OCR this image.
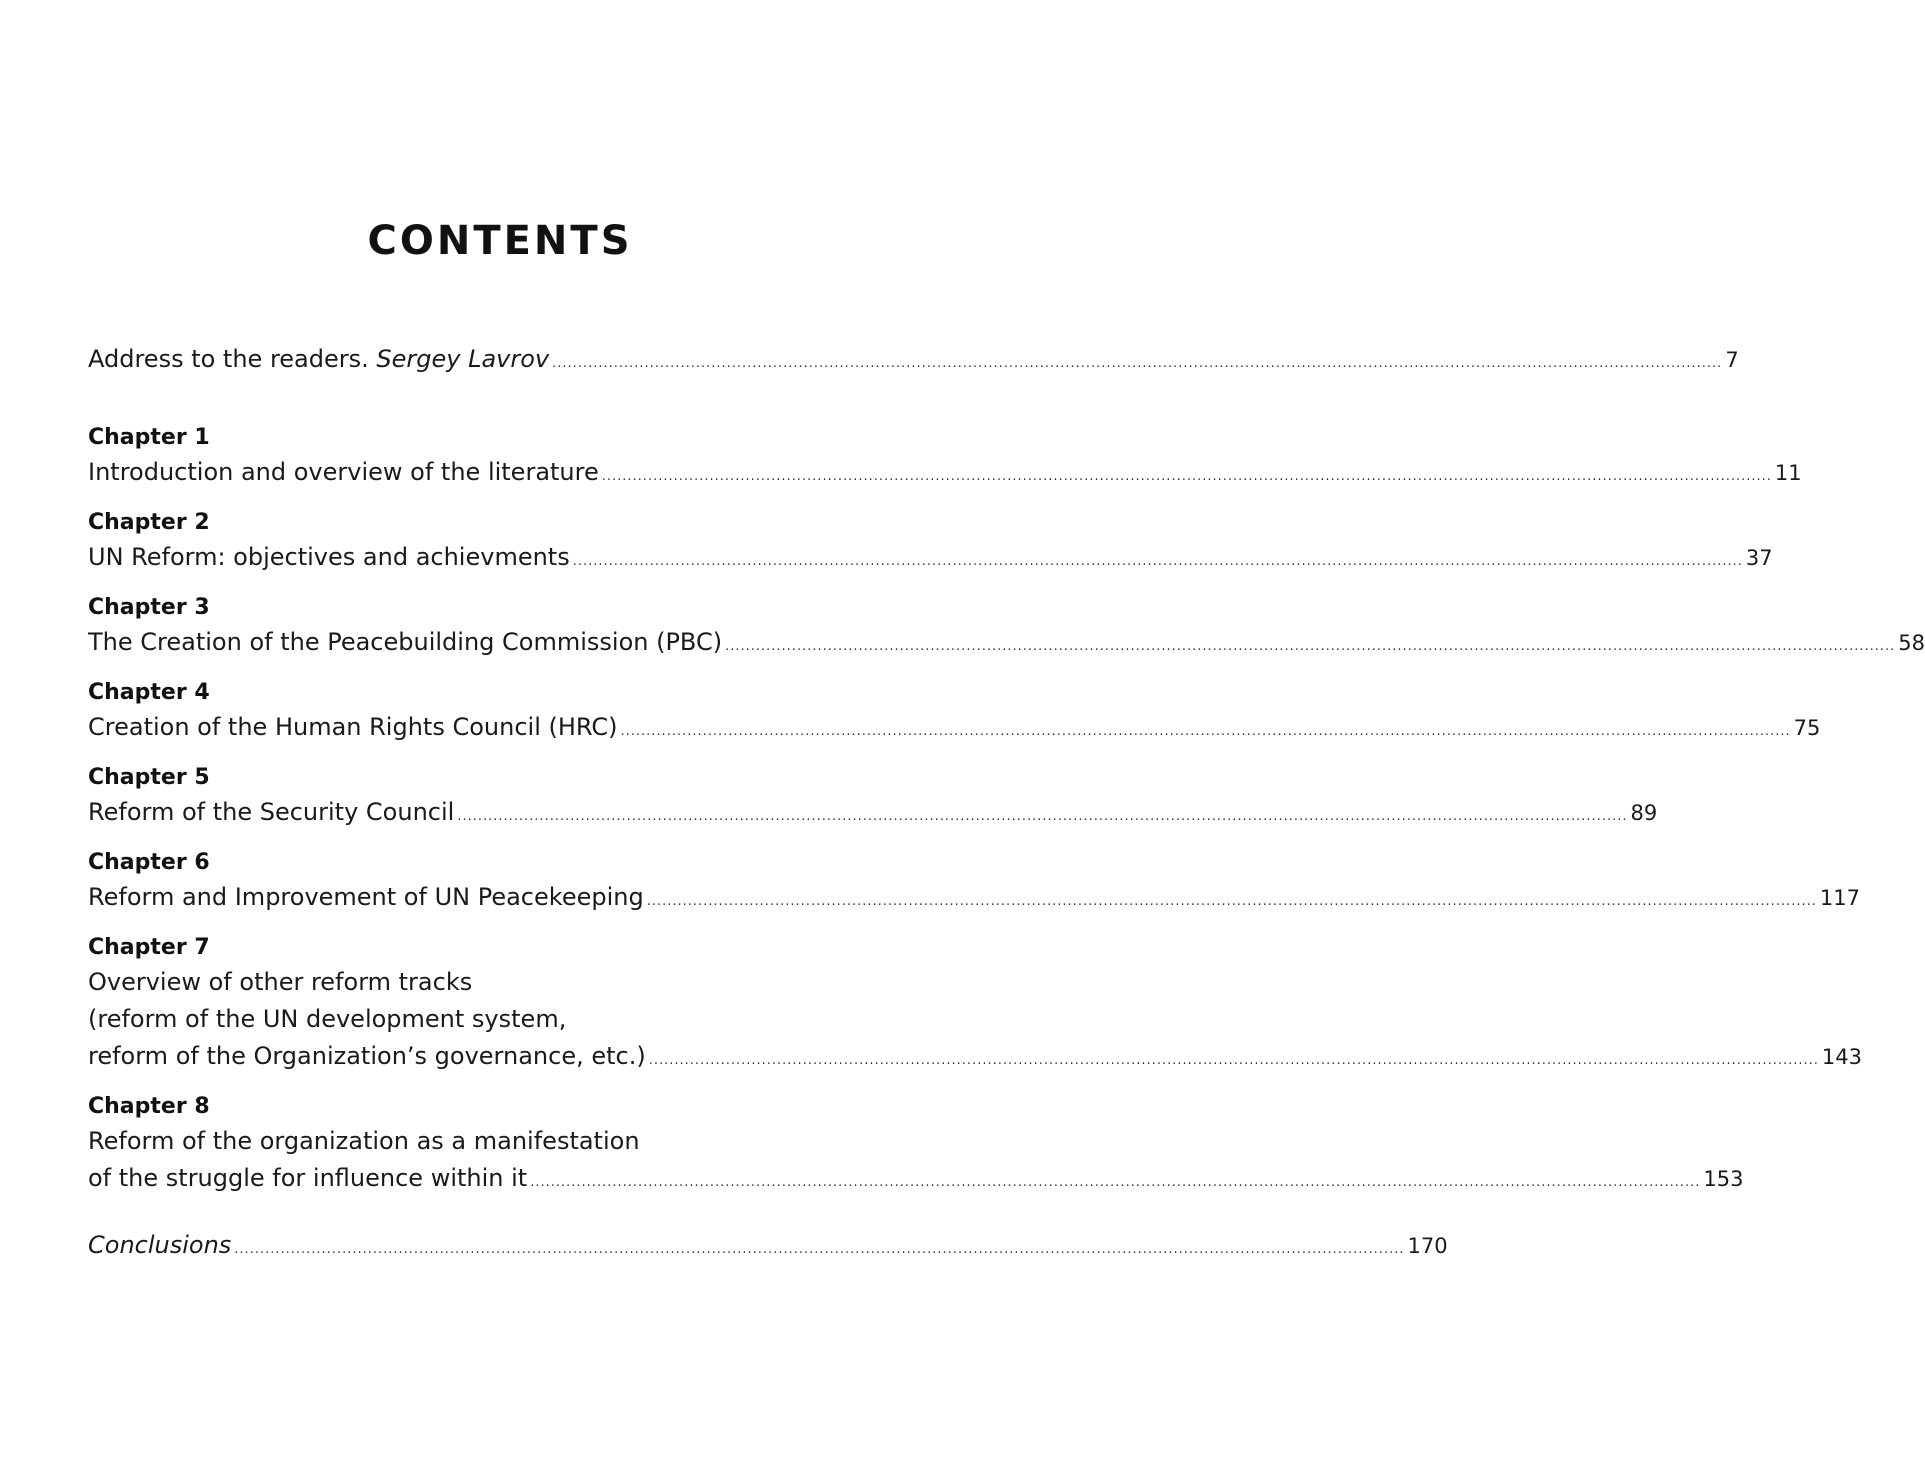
CONTENTS
Address to the readers. Sergey Lavrov .................................................................................................................................................................................................................................... 7
Chapter 1
Introduction and overview of the literature .................................................................................................................................................................................................................................... 11
Chapter 2
UN Reform: objectives and achievments .................................................................................................................................................................................................................................... 37
Chapter 3
The Creation of the Peacebuilding Commission (PBC) .................................................................................................................................................................................................................................... 58
Chapter 4
Creation of the Human Rights Council (HRC) .................................................................................................................................................................................................................................... 75
Chapter 5
Reform of the Security Council .................................................................................................................................................................................................................................... 89
Chapter 6
Reform and Improvement of UN Peacekeeping .................................................................................................................................................................................................................................... 117
Chapter 7
Overview of other reform tracks
(reform of the UN development system,
reform of the Organization’s governance, etc.) .................................................................................................................................................................................................................................... 143
Chapter 8
Reform of the organization as a manifestation
of the struggle for influence within it .................................................................................................................................................................................................................................... 153
Conclusions .................................................................................................................................................................................................................................... 170
